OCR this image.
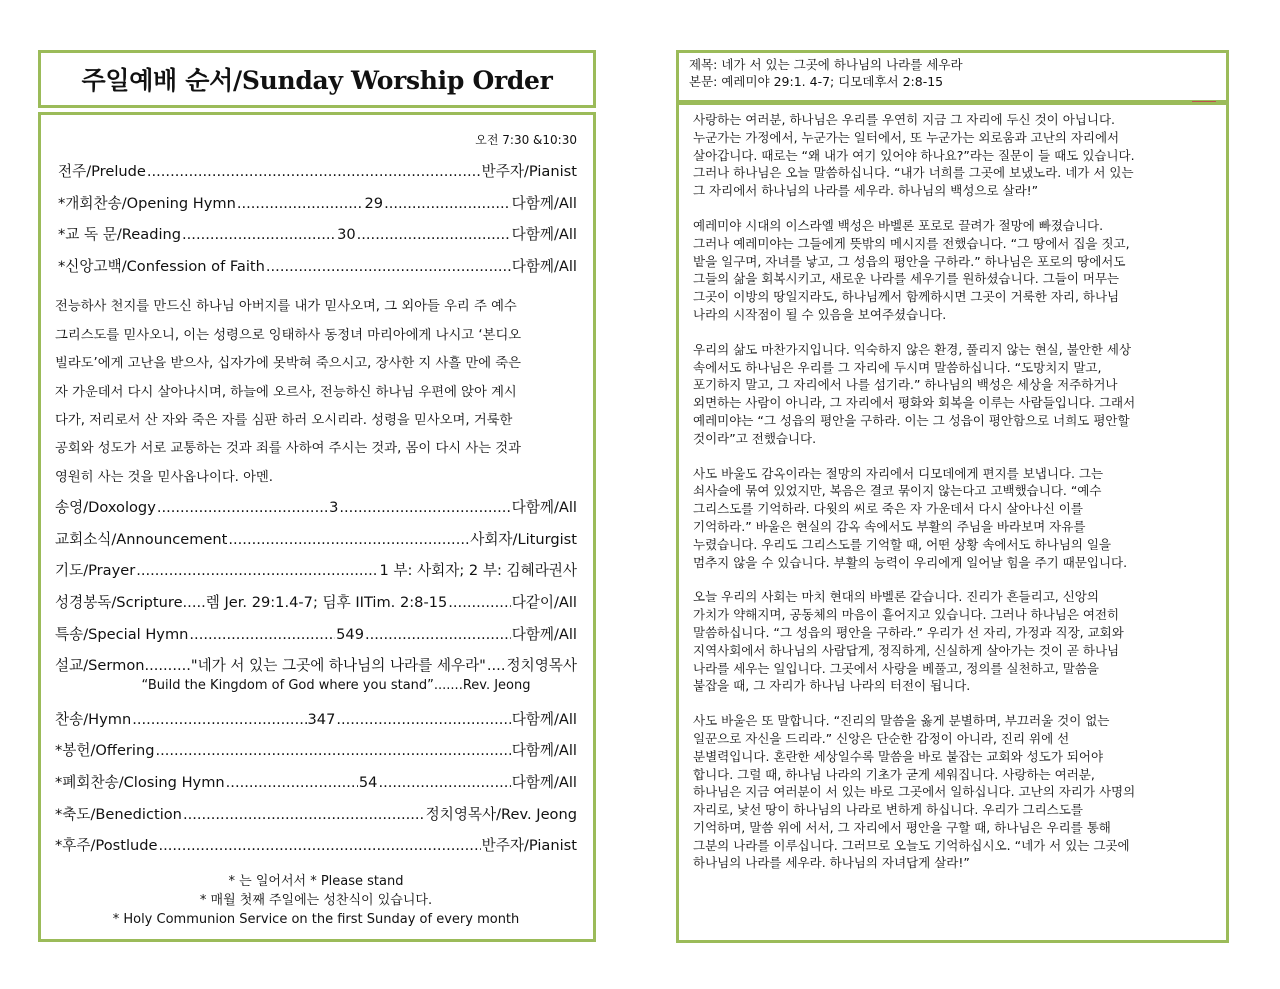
주일예배 순서/Sunday Worship Order
오전 7:30 &10:30
전주/Prelude .....	반주자/Pianist
*개회찬송/Opening Hymn .....	29 .....	다함께/All
*교 독 문/Reading .....	30 .....	다함께/All
*신앙고백/Confession of Faith .....	다함께/All
전능하사 천지를 만드신 하나님 아버지를 내가 믿사오며, 그 외아들 우리 주 예수
그리스도를 믿사오니, 이는 성령으로 잉태하사 동정녀 마리아에게 나시고 ‘본디오
빌라도’에게 고난을 받으사, 십자가에 못박혀 죽으시고, 장사한 지 사흘 만에 죽은
자 가운데서 다시 살아나시며, 하늘에 오르사, 전능하신 하나님 우편에 앉아 계시
다가, 저리로서 산 자와 죽은 자를 심판 하러 오시리라. 성령을 믿사오며, 거룩한
공회와 성도가 서로 교통하는 것과 죄를 사하여 주시는 것과, 몸이 다시 사는 것과
영원히 사는 것을 믿사옵나이다. 아멘.
송영/Doxology .....	3 .....	다함께/All
교회소식/Announcement .....	사회자/Liturgist
기도/Prayer .....	1 부: 사회자; 2 부: 김혜라권사
성경봉독/Scripture.....렘 Jer. 29:1.4-7; 딤후 IITim. 2:8-15 .....	다같이/All
특송/Special Hymn .....	549 .....	다함께/All
설교/Sermon.........."네가 서 있는 그곳에 하나님의 나라를 세우라" ..... 정치영목사
“Build the Kingdom of God where you stand”.......Rev. Jeong
찬송/Hymn .....	347 .....	다함께/All
*봉헌/Offering .....	다함께/All
*폐회찬송/Closing Hymn .....	54 .....	다함께/All
*축도/Benediction .....	정치영목사/Rev. Jeong
*후주/Postlude .....	반주자/Pianist
* 는 일어서서 * Please stand
* 매월 첫째 주일에는 성찬식이 있습니다.
* Holy Communion Service on the first Sunday of every month
제목: 네가 서 있는 그곳에 하나님의 나라를 세우라
본문: 예레미야 29:1. 4-7; 디모데후서 2:8-15
사랑하는 여러분, 하나님은 우리를 우연히 지금 그 자리에 두신 것이 아닙니다.
누군가는 가정에서, 누군가는 일터에서, 또 누군가는 외로움과 고난의 자리에서
살아갑니다. 때로는 “왜 내가 여기 있어야 하나요?”라는 질문이 들 때도 있습니다.
그러나 하나님은 오늘 말씀하십니다. “내가 너희를 그곳에 보냈노라. 네가 서 있는
그 자리에서 하나님의 나라를 세우라. 하나님의 백성으로 살라!”
예레미야 시대의 이스라엘 백성은 바벨론 포로로 끌려가 절망에 빠졌습니다.
그러나 예레미야는 그들에게 뜻밖의 메시지를 전했습니다. “그 땅에서 집을 짓고,
밭을 일구며, 자녀를 낳고, 그 성읍의 평안을 구하라.” 하나님은 포로의 땅에서도
그들의 삶을 회복시키고, 새로운 나라를 세우기를 원하셨습니다. 그들이 머무는
그곳이 이방의 땅일지라도, 하나님께서 함께하시면 그곳이 거룩한 자리, 하나님
나라의 시작점이 될 수 있음을 보여주셨습니다.
우리의 삶도 마찬가지입니다. 익숙하지 않은 환경, 풀리지 않는 현실, 불안한 세상
속에서도 하나님은 우리를 그 자리에 두시며 말씀하십니다. “도망치지 말고,
포기하지 말고, 그 자리에서 나를 섬기라.” 하나님의 백성은 세상을 저주하거나
외면하는 사람이 아니라, 그 자리에서 평화와 회복을 이루는 사람들입니다. 그래서
예레미야는 “그 성읍의 평안을 구하라. 이는 그 성읍이 평안함으로 너희도 평안할
것이라”고 전했습니다.
사도 바울도 감옥이라는 절망의 자리에서 디모데에게 편지를 보냅니다. 그는
쇠사슬에 묶여 있었지만, 복음은 결코 묶이지 않는다고 고백했습니다. “예수
그리스도를 기억하라. 다윗의 씨로 죽은 자 가운데서 다시 살아나신 이를
기억하라.” 바울은 현실의 감옥 속에서도 부활의 주님을 바라보며 자유를
누렸습니다. 우리도 그리스도를 기억할 때, 어떤 상황 속에서도 하나님의 일을
멈추지 않을 수 있습니다. 부활의 능력이 우리에게 일어날 힘을 주기 때문입니다.
오늘 우리의 사회는 마치 현대의 바벨론 같습니다. 진리가 흔들리고, 신앙의
가치가 약해지며, 공동체의 마음이 흩어지고 있습니다. 그러나 하나님은 여전히
말씀하십니다. “그 성읍의 평안을 구하라.” 우리가 선 자리, 가정과 직장, 교회와
지역사회에서 하나님의 사람답게, 정직하게, 신실하게 살아가는 것이 곧 하나님
나라를 세우는 일입니다. 그곳에서 사랑을 베풀고, 정의를 실천하고, 말씀을
붙잡을 때, 그 자리가 하나님 나라의 터전이 됩니다.
사도 바울은 또 말합니다. “진리의 말씀을 옳게 분별하며, 부끄러울 것이 없는
일꾼으로 자신을 드리라.” 신앙은 단순한 감정이 아니라, 진리 위에 선
분별력입니다. 혼란한 세상일수록 말씀을 바로 붙잡는 교회와 성도가 되어야
합니다. 그럴 때, 하나님 나라의 기초가 굳게 세워집니다. 사랑하는 여러분,
하나님은 지금 여러분이 서 있는 바로 그곳에서 일하십니다. 고난의 자리가 사명의
자리로, 낯선 땅이 하나님의 나라로 변하게 하십니다. 우리가 그리스도를
기억하며, 말씀 위에 서서, 그 자리에서 평안을 구할 때, 하나님은 우리를 통해
그분의 나라를 이루십니다. 그러므로 오늘도 기억하십시오. “네가 서 있는 그곳에
하나님의 나라를 세우라. 하나님의 자녀답게 살라!”
